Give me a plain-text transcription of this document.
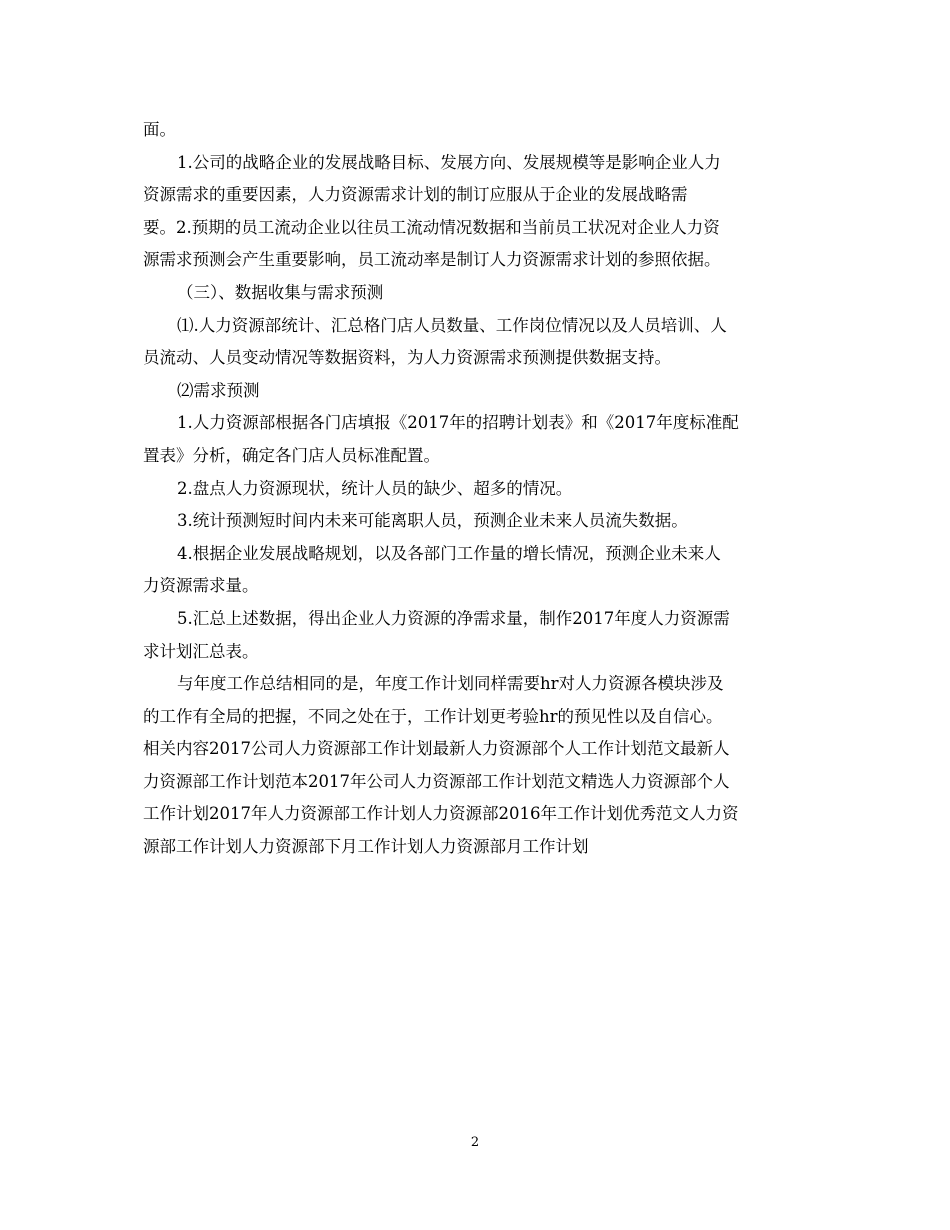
面。
1.公司的战略企业的发展战略目标、发展方向、发展规模等是影响企业人力
资源需求的重要因素，人力资源需求计划的制订应服从于企业的发展战略需
要。2.预期的员工流动企业以往员工流动情况数据和当前员工状况对企业人力资
源需求预测会产生重要影响，员工流动率是制订人力资源需求计划的参照依据。
（三）、数据收集与需求预测
⑴.人力资源部统计、汇总格门店人员数量、工作岗位情况以及人员培训、人
员流动、人员变动情况等数据资料，为人力资源需求预测提供数据支持。
⑵需求预测
1.人力资源部根据各门店填报《2017年的招聘计划表》和《2017年度标准配
置表》分析，确定各门店人员标准配置。
2.盘点人力资源现状，统计人员的缺少、超多的情况。
3.统计预测短时间内未来可能离职人员，预测企业未来人员流失数据。
4.根据企业发展战略规划，以及各部门工作量的增长情况，预测企业未来人
力资源需求量。
5.汇总上述数据，得出企业人力资源的净需求量，制作2017年度人力资源需
求计划汇总表。
与年度工作总结相同的是，年度工作计划同样需要hr对人力资源各模块涉及
的工作有全局的把握，不同之处在于，工作计划更考验hr的预见性以及自信心。
相关内容2017公司人力资源部工作计划最新人力资源部个人工作计划范文最新人
力资源部工作计划范本2017年公司人力资源部工作计划范文精选人力资源部个人
工作计划2017年人力资源部工作计划人力资源部2016年工作计划优秀范文人力资
源部工作计划人力资源部下月工作计划人力资源部月工作计划
2
